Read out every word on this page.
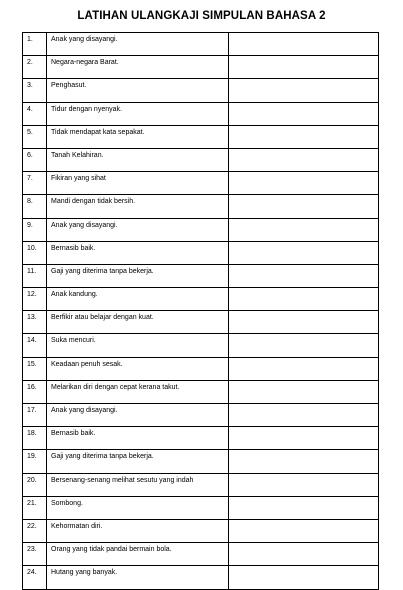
LATIHAN ULANGKAJI SIMPULAN BAHASA 2
1.	Anak yang disayangi.	
2.	Negara-negara Barat.	
3.	Penghasut.	
4.	Tidur dengan nyenyak.	
5.	Tidak mendapat kata sepakat.	
6.	Tanah Kelahiran.	
7.	Fikiran yang sihat	
8.	Mandi dengan tidak bersih.	
9.	Anak yang disayangi.	
10.	Bernasib baik.	
11.	Gaji yang diterima tanpa bekerja.	
12.	Anak kandung.	
13.	Berfikir atau belajar dengan kuat.	
14.	Suka mencuri.	
15.	Keadaan penuh sesak.	
16.	Melarikan diri dengan cepat kerana takut.	
17.	Anak yang disayangi.	
18.	Bernasib baik.	
19.	Gaji yang diterima tanpa bekerja.	
20.	Bersenang-senang melihat sesutu yang indah	
21.	Sombong.	
22.	Kehormatan diri.	
23.	Orang yang tidak pandai bermain bola.	
24.	Hutang yang banyak.	
